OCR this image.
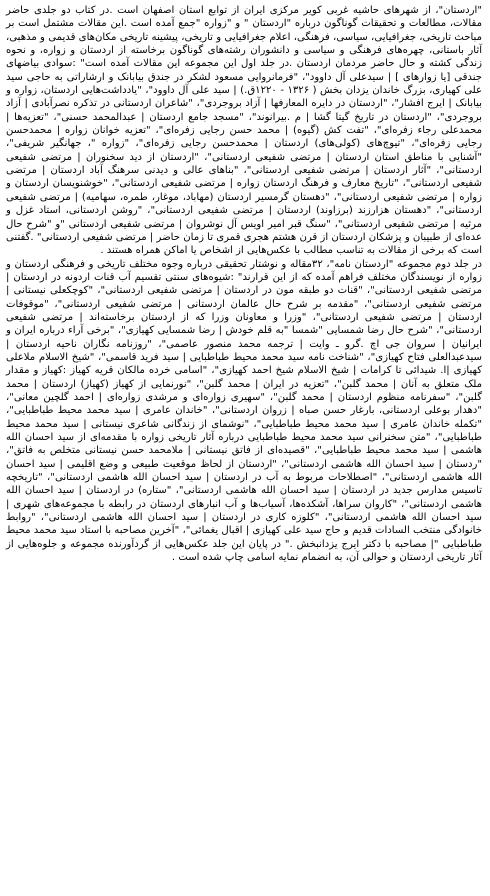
"اردستان"، از شهرهای حاشیه غربی کویر مرکزی ایران از توابع استان اصفهان است .در کتاب دو جلدی حاضر مقالات، مطالعات و تحقیقات گوناگون درباره "اردستان " و "زواره "جمع آمده است .این مقالات مشتمل است بر مباحث تاریخی، جغرافیایی، سیاسی، فرهنگی، اعلام جغرافیایی و تاریخی، پیشینه تاریخی مکان‌های قدیمی و مذهبی، آثار باستانی، چهره‌های فرهنگی و سیاسی و دانشوران رشته‌های گوناگون برخاسته از اردستان و زواره، و نحوه زندگی کشته و حال حاضر مردمان اردستان .در جلد اول این مجموعه این مقالات آمده است" :سوادی بیاضهای جندقی [یا زوارهای ] | سیدعلی آل داوود"، "فرمانروایی مسعود لشکر در جندق بیابانک و ارشاراتی به حاجی سید علی کهیاری، بزرگ خاندان یزدان بخش ( ۱۳۲۶ - ۱۲۲۰ق.) | سید علی آل داوود"، "یادداشت‌هایی اردستان، زواره و بیابانک | ایرج افشار"، "اردستان در دایره المعارفها | آزاد بروجردی"، "شاعران اردستانی در تذکره نصرآبادی | آزاد بروجردی"، "اردستان در تاریخ گیتا گشا | م .بیرانوند"، "مسجد جامع اردستان | عبدالمحمد حسنی"، "تعزیه‌ها | محمدعلی رجاء زفره‌ای"، "تفت کش (گیوه) | محمد حسن رجایی زفره‌ای"، "تعزیه خوانان زواره | محمدحسن رجایی زفره‌ای"، "تیوچ‌های (کولی‌های) اردستان | محمدحسن رجایی زفره‌ای"، "زواره "، جهانگیر شریفی"، "آشنایی با مناطق استان اردستان | مرتضی شفیعی اردستانی"، "اردستان از دید سخنوران | مرتضی شفیعی اردستانی"، "آثار اردستان | مرتضی شفیعی اردستانی"، "بناهای عالی و دیدنی سرهنگ آباد اردستان | مرتضی شفیعی اردستانی"، "تاریخ معارف و فرهنگ اردستان زواره | مرتضی شفیعی اردستانی"، "خوشنویسان اردستان و زواره | مرتضی شفیعی اردستانی"، "دهستان گرمسیر اردستان (مهاباد، موغار، طمره، سهامیه) | مرتضی شفیعی اردستانی"، "دهستان هزارزند (برزاوند) اردستان | مرتضی شفیعی اردستانی"، "روشن اردستانی، استاد غزل و مرثیه | مرتضی شفیعی اردستانی"، "سنگ قبر امیر اویس آل نوشروان | مرتضی شفیعی اردستانی "و "شرح حال عده‌ای از طبیبان و پزشکان اردستان از قرن هشتم هجری قمری تا زمان حاضر | مرتضی شفیعی اردستانی" .گفتنی است که برخی از مقالات به تناسب مطالب با عکس‌هایی از اشخاص یا اماکن همراه هستند .

در جلد دوم مجموعه "اردستان نامه"، ۳۲مقاله و نوشتار تحقیقی درباره وجوه مختلف تاریخی و فرهنگی اردستان و زواره از نویسندگان مختلف فراهم آمده که از این قرارند" :شیوه‌های سنتی تقسیم آب قنات اردونه در اردستان | مرتضی شفیعی اردستانی"، "قنات دو طبقه مون در اردستان | مرتضی شفیعی اردستانی"، "کوچکعلی نیستانی | مرتضی شفیعی اردستانی"، "مقدمه بر شرح حال عالمان اردستانی | مرتضی شفیعی اردستانی"، "موقوفات اردستان | مرتضی شفیعی اردستانی"، "وزرا و معاونان وزرا که از اردستان برخاسته‌اند | مرتضی شفیعی اردستانی"، "شرح حال رضا شمسایی "شمسا "به قلم خودش | رضا شمسایی کهیازی"، "برخی آراء درباره ایران و ایرانیان | سروان جی اچ .گرو ـ وایت | ترجمه محمد منصور عاصمی"، "روزنامه نگاران ناحیه اردستان | سیدعبدالعلی فتاح کهیازی"، "شناخت نامه سید محمد محیط طباطبایی | سید فرید قاسمی"، "شیخ الاسلام ملاعلی کهیازی |ا. شیدائی تا کرامات | شیخ الاسلام شیخ احمد کهیازی"، "اسامی خرده مالکان قریه کهیاز :کهیاز و مقدار ملک متعلق به آنان | محمد گلبن"، "تعزیه در ایران | محمد گلبن"، "نورنمایی از کهیاز (کهیاز) اردستان | محمد گلبن"، "سفرنامه منظوم اردستان | محمد گلبن"، "سهیری زواره‌ای و مرشدی زواره‌ای | احمد گلچین معانی"، "دهدار بوعلی اردستانی، بارغار حسن صباه | زروان اردستانی"، "خاندان عامری | سید محمد محیط طباطبایی"، "تکمله خاندان عامری | سید محمد محیط طباطبایی"، "نوشمای از زندگانی شاعری نیستانی | سید محمد محیط طباطبایی"، "متن سخنرانی سید محمد محیط طباطبایی درباره آثار تاریخی زواره با مقدمه‌ای از سید احسان الله هاشمی | سید محمد محیط طباطبایی"، "قصیده‌ای از فاتق نیستانی | ملامحمد حسن نیستانی متخلص به فاتق"، "ردستان | سید احسان الله هاشمی اردستانی"، "اردستان از لحاظ موقعیت طبیعی و وضع اقلیمی | سید احسان الله هاشمی اردستانی"، "اصطلاحات مربوط به آب در اردستان | سید احسان الله هاشمی اردستانی"، "تاریخچه تاسیس مدارس جدید در اردستان | سید احسان الله هاشمی اردستانی"، "ستاره) در اردستان | سید احسان الله هاشمی اردستانی"، "کاروان سراها، آشکده‌ها، آسیاب‌ها و آب انبارهای اردستان در رابطه با مجموعه‌های شهری | سید احسان الله هاشمی اردستانی"، "کلوزه کاری در اردستان | سید احسان الله هاشمی اردستانی"، "روابط خانوادگی منتخب السادات قدیم و حاج سید علی کهیازی | اقبال یغمائی"، "آخرین مصاحبه با استاد سید محمد محیط طباطبایی "| مصاحبه با دکتر ایرج یزدانبخش ." در پایان این جلد عکس‌هایی از گردآورنده مجموعه و جلوه‌هایی از آثار تاریخی اردستان و حوالی آن، به انضمام نمایه اسامی چاپ شده است .
